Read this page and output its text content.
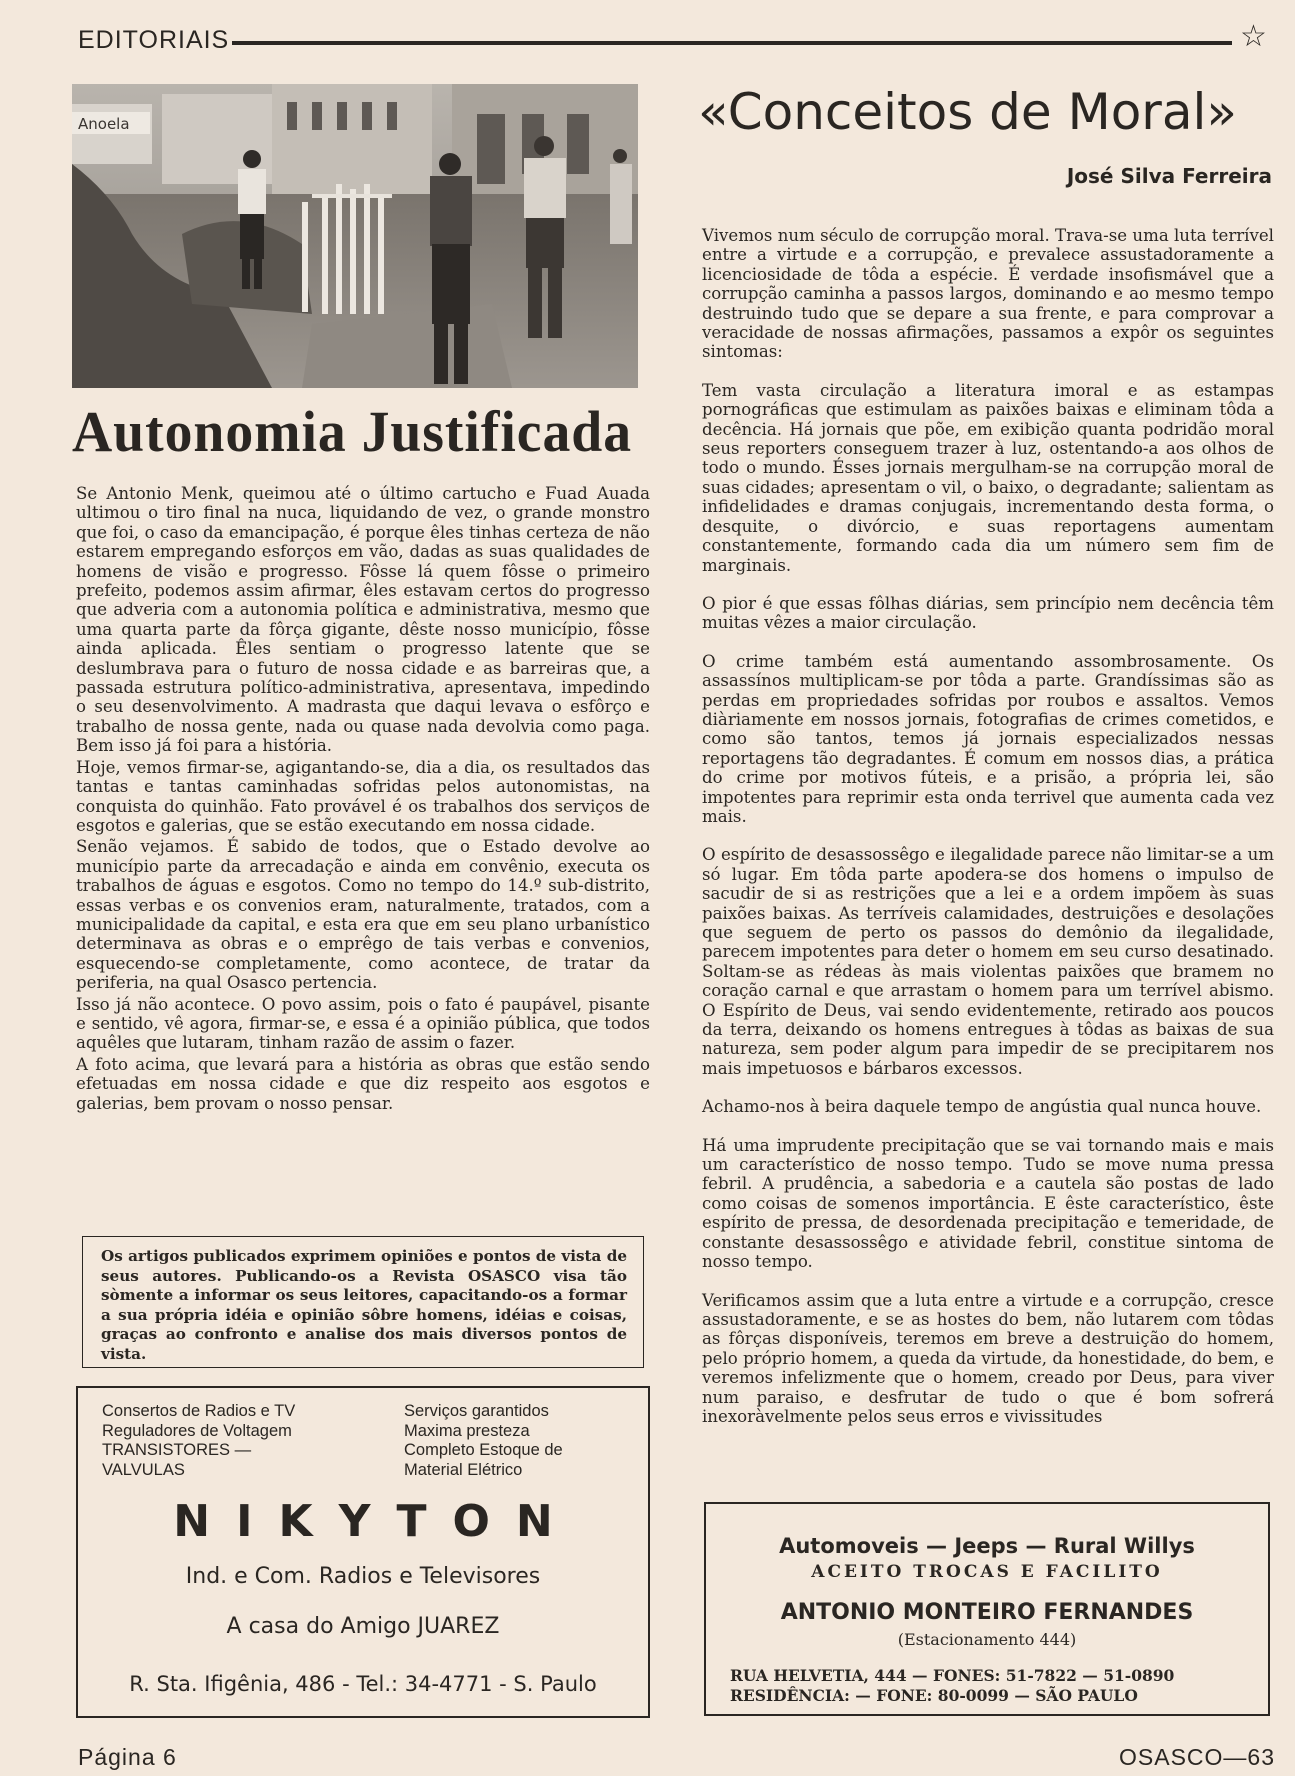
EDITORIAIS	☆
Anoela
Autonomia Justificada

Se Antonio Menk, queimou até o último cartucho e Fuad Auada ultimou o tiro final na nuca, liquidando de vez, o grande monstro que foi, o caso da emancipação, é porque êles tinhas certeza de não estarem empregando esforços em vão, dadas as suas qualidades de homens de visão e progresso. Fôsse lá quem fôsse o primeiro prefeito, podemos assim afirmar, êles estavam certos do progresso que adveria com a autonomia política e administrativa, mesmo que uma quarta parte da fôrça gigante, dêste nosso município, fôsse ainda aplicada. Êles sentiam o progresso latente que se deslumbrava para o futuro de nossa cidade e as barreiras que, a passada estrutura político-administrativa, apresentava, impedindo o seu desenvolvimento. A madrasta que daqui levava o esfôrço e trabalho de nossa gente, nada ou quase nada devolvia como paga. Bem isso já foi para a história.

Hoje, vemos firmar-se, agigantando-se, dia a dia, os resultados das tantas e tantas caminhadas sofridas pelos autonomistas, na conquista do quinhão. Fato provável é os trabalhos dos serviços de esgotos e galerias, que se estão executando em nossa cidade.

Senão vejamos. É sabido de todos, que o Estado devolve ao município parte da arrecadação e ainda em convênio, executa os trabalhos de águas e esgotos. Como no tempo do 14.º sub-distrito, essas verbas e os convenios eram, naturalmente, tratados, com a municipalidade da capital, e esta era que em seu plano urbanístico determinava as obras e o emprêgo de tais verbas e convenios, esquecendo-se completamente, como acontece, de tratar da periferia, na qual Osasco pertencia.

Isso já não acontece. O povo assim, pois o fato é paupável, pisante e sentido, vê agora, firmar-se, e essa é a opinião pública, que todos aquêles que lutaram, tinham razão de assim o fazer.

A foto acima, que levará para a história as obras que estão sendo efetuadas em nossa cidade e que diz respeito aos esgotos e galerias, bem provam o nosso pensar.

Os artigos publicados exprimem opiniões e pontos de vista de seus autores. Publicando-os a Revista OSASCO visa tão sòmente a informar os seus leitores, capacitando-os a formar a sua própria idéia e opinião sôbre homens, idéias e coisas, graças ao confronto e analise dos mais diversos pontos de vista.

Consertos de Radios e TV
Reguladores de Voltagem
TRANSISTORES —
VALVULAS
Serviços garantidos
Maxima presteza
Completo Estoque de
Material Elétrico
NIKYTON
Ind. e Com. Radios e Televisores
A casa do Amigo JUAREZ
R. Sta. Ifigênia, 486 - Tel.: 34-4771 - S. Paulo
«Conceitos de Moral»
José Silva Ferreira

Vivemos num século de corrupção moral. Trava-se uma luta terrível entre a virtude e a corrupção, e prevalece assustadoramente a licenciosidade de tôda a espécie. É verdade insofismável que a corrupção caminha a passos largos, dominando e ao mesmo tempo destruindo tudo que se depare a sua frente, e para comprovar a veracidade de nossas afirmações, passamos a expôr os seguintes sintomas:

Tem vasta circulação a literatura imoral e as estampas pornográficas que estimulam as paixões baixas e eliminam tôda a decência. Há jornais que põe, em exibição quanta podridão moral seus reporters conseguem trazer à luz, ostentando-a aos olhos de todo o mundo. Ésses jornais mergulham-se na corrupção moral de suas cidades; apresentam o vil, o baixo, o degradante; salientam as infidelidades e dramas conjugais, incrementando desta forma, o desquite, o divórcio, e suas reportagens aumentam constantemente, formando cada dia um número sem fim de marginais.

O pior é que essas fôlhas diárias, sem princípio nem decência têm muitas vêzes a maior circulação.

O crime também está aumentando assombrosamente. Os assassínos multiplicam-se por tôda a parte. Grandíssimas são as perdas em propriedades sofridas por roubos e assaltos. Vemos diàriamente em nossos jornais, fotografias de crimes cometidos, e como são tantos, temos já jornais especializados nessas reportagens tão degradantes. É comum em nossos dias, a prática do crime por motivos fúteis, e a prisão, a própria lei, são impotentes para reprimir esta onda terrivel que aumenta cada vez mais.

O espírito de desassossêgo e ilegalidade parece não limitar-se a um só lugar. Em tôda parte apodera-se dos homens o impulso de sacudir de si as restrições que a lei e a ordem impõem às suas paixões baixas. As terríveis calamidades, destruições e desolações que seguem de perto os passos do demônio da ilegalidade, parecem impotentes para deter o homem em seu curso desatinado. Soltam-se as rédeas às mais violentas paixões que bramem no coração carnal e que arrastam o homem para um terrível abismo. O Espírito de Deus, vai sendo evidentemente, retirado aos poucos da terra, deixando os homens entregues à tôdas as baixas de sua natureza, sem poder algum para impedir de se precipitarem nos mais impetuosos e bárbaros excessos.

Achamo-nos à beira daquele tempo de angústia qual nunca houve.

Há uma imprudente precipitação que se vai tornando mais e mais um característico de nosso tempo. Tudo se move numa pressa febril. A prudência, a sabedoria e a cautela são postas de lado como coisas de somenos importância. E êste característico, êste espírito de pressa, de desordenada precipitação e temeridade, de constante desassossêgo e atividade febril, constitue sintoma de nosso tempo.

Verificamos assim que a luta entre a virtude e a corrupção, cresce assustadoramente, e se as hostes do bem, não lutarem com tôdas as fôrças disponíveis, teremos em breve a destruição do homem, pelo próprio homem, a queda da virtude, da honestidade, do bem, e veremos infelizmente que o homem, creado por Deus, para viver num paraiso, e desfrutar de tudo o que é bom sofrerá inexoràvelmente pelos seus erros e vivissitudes

Automoveis — Jeeps — Rural Willys
ACEITO TROCAS E FACILITO
ANTONIO MONTEIRO FERNANDES
(Estacionamento 444)
RUA HELVETIA, 444 — FONES: 51-7822 — 51-0890
RESIDÊNCIA: — FONE: 80-0099 — SÃO PAULO
Página 6	OSASCO—63
